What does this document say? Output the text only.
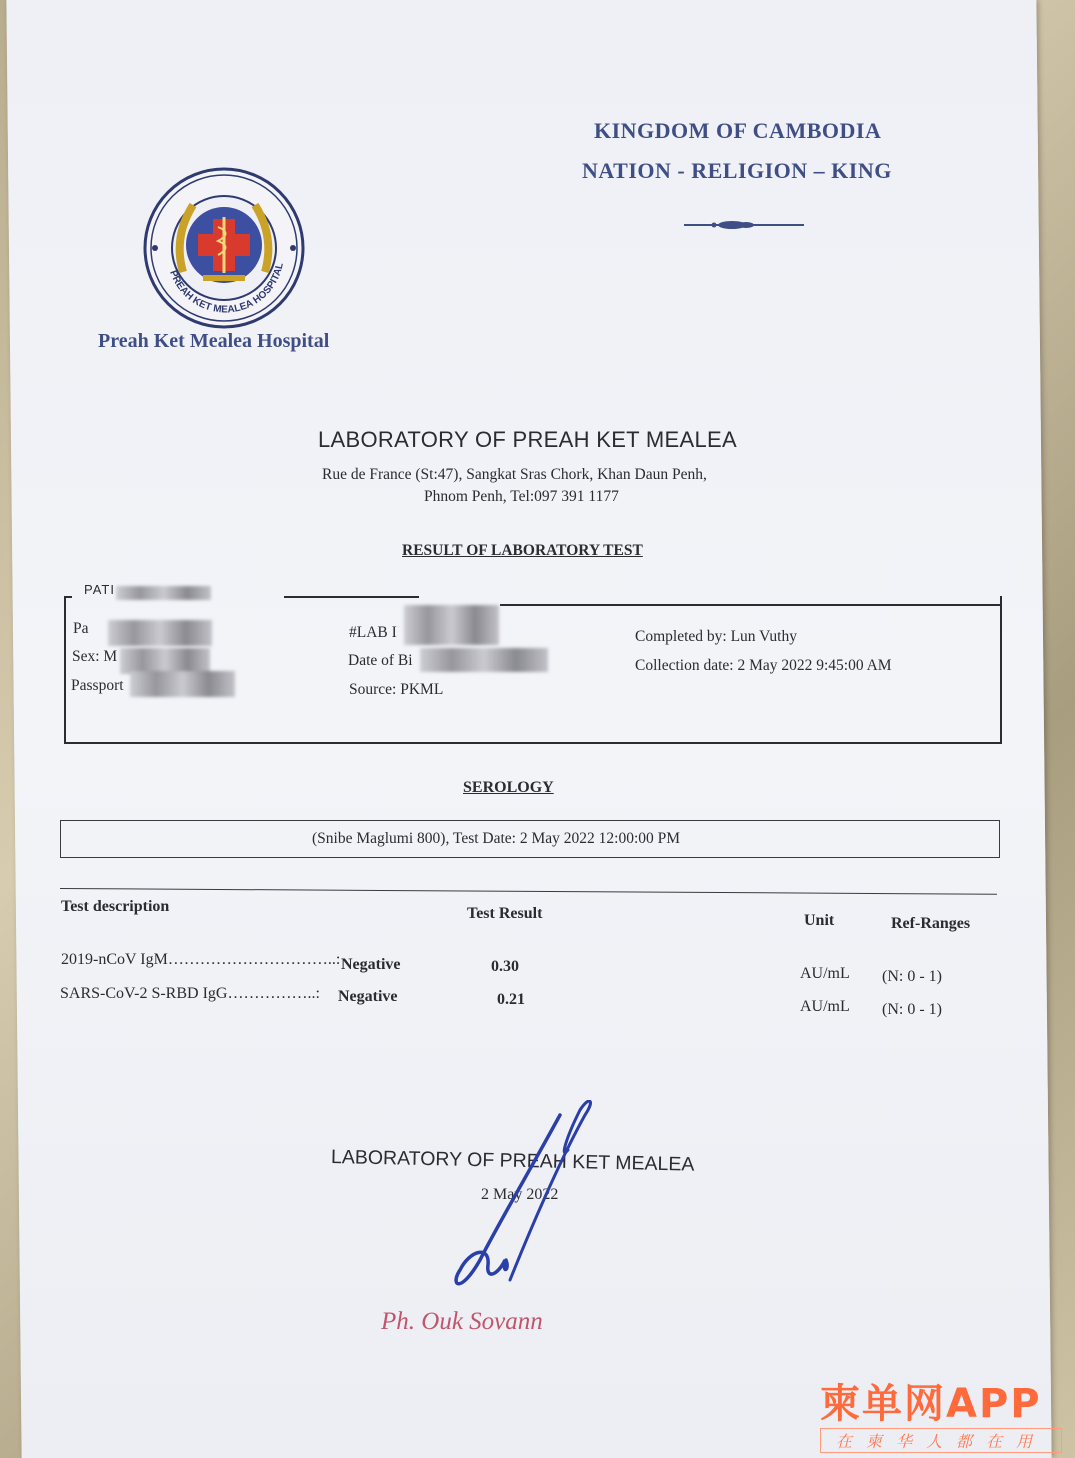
KINGDOM OF CAMBODIA
NATION - RELIGION – KING
PREAH KET MEALEA HOSPITAL
Preah Ket Mealea Hospital
LABORATORY OF PREAH KET MEALEA
Rue de France (St:47), Sangkat Sras Chork, Khan Daun Penh,
Phnom Penh, Tel:097 391 1177
RESULT OF LABORATORY TEST
PATI
Pa
Sex: M
Passport
#LAB I
Date of Bi
Source: PKML
Completed by: Lun Vuthy
Collection date: 2 May 2022 9:45:00 AM
SEROLOGY
(Snibe Maglumi 800), Test Date: 2 May 2022 12:00:00 PM
Test description	Test Result	Unit	Ref-Ranges
2019-nCoV IgM…………………………..: Negative	0.30	AU/mL (N: 0 - 1)
SARS-CoV-2 S-RBD IgG……………..: Negative	0.21	AU/mL (N: 0 - 1)
LABORATORY OF PREAH KET MEALEA
2 May 2022
Ph. Ouk Sovann
柬单网APP
在柬华人都在用
